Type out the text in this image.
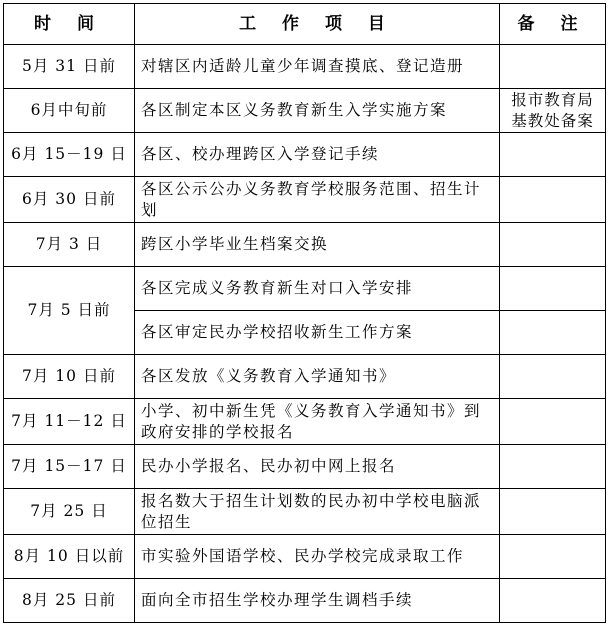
时 间	工 作 项 目	备 注
5月 31 日前	对辖区内适龄儿童少年调查摸底、登记造册	
6月中旬前	各区制定本区义务教育新生入学实施方案	报市教育局基教处备案
6月 15－19 日	各区、校办理跨区入学登记手续	
6月 30 日前	各区公示公办义务教育学校服务范围、招生计划	
7月 3 日	跨区小学毕业生档案交换	
7月 5 日前	各区完成义务教育新生对口入学安排	
	各区审定民办学校招收新生工作方案	
7月 10 日前	各区发放《义务教育入学通知书》	
7月 11－12 日	小学、初中新生凭《义务教育入学通知书》到政府安排的学校报名	
7月 15－17 日	民办小学报名、民办初中网上报名	
7月 25 日	报名数大于招生计划数的民办初中学校电脑派位招生	
8月 10 日以前	市实验外国语学校、民办学校完成录取工作	
8月 25 日前	面向全市招生学校办理学生调档手续	
